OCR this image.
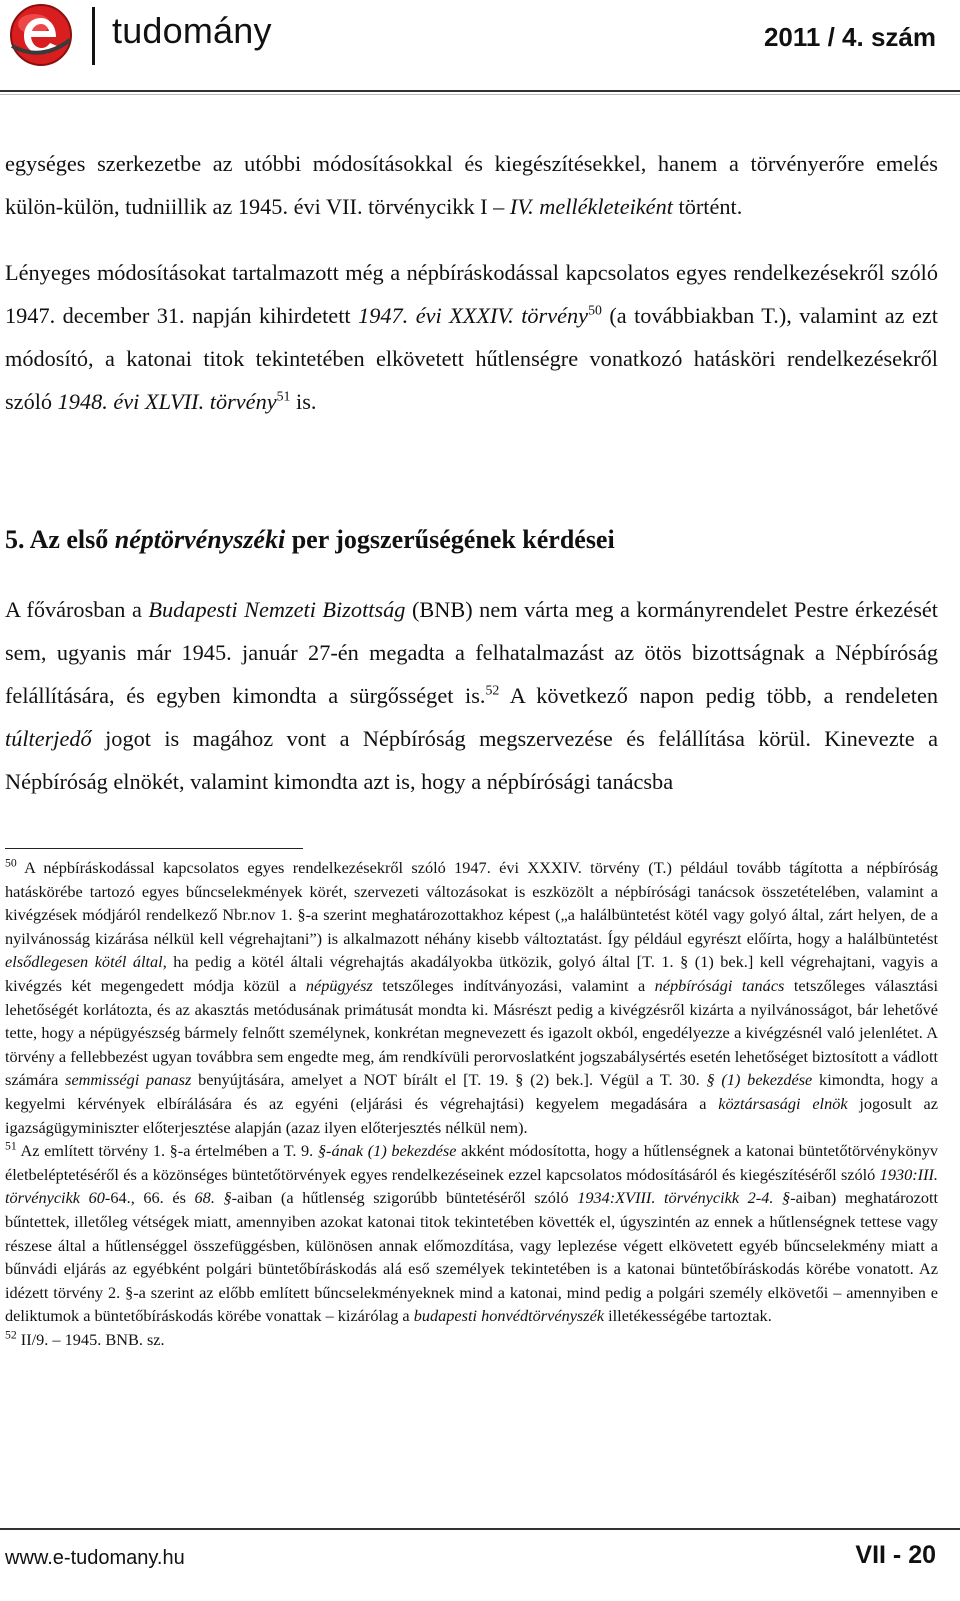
tudomány	2011 / 4. szám

egységes szerkezetbe az utóbbi módosításokkal és kiegészítésekkel, hanem a törvényerőre emelés külön-külön, tudniillik az 1945. évi VII. törvénycikk I – IV. mellékleteiként történt.

Lényeges módosításokat tartalmazott még a népbíráskodással kapcsolatos egyes rendelkezésekről szóló 1947. december 31. napján kihirdetett 1947. évi XXXIV. törvény$^{50}$ (a továbbiakban T.), valamint az ezt módosító, a katonai titok tekintetében elkövetett hűtlenségre vonatkozó hatásköri rendelkezésekről szóló 1948. évi XLVII. törvény$^{51}$ is.

5. Az első néptörvényszéki per jogszerűségének kérdései

A fővárosban a Budapesti Nemzeti Bizottság (BNB) nem várta meg a kormányrendelet Pestre érkezését sem, ugyanis már 1945. január 27-én megadta a felhatalmazást az ötös bizottságnak a Népbíróság felállítására, és egyben kimondta a sürgősséget is.$^{52}$ A következő napon pedig több, a rendeleten túlterjedő jogot is magához vont a Népbíróság megszervezése és felállítása körül. Kinevezte a Népbíróság elnökét, valamint kimondta azt is, hogy a népbírósági tanácsba

$^{50}$ A népbíráskodással kapcsolatos egyes rendelkezésekről szóló 1947. évi XXXIV. törvény (T.) például tovább tágította a népbíróság hatáskörébe tartozó egyes bűncselekmények körét, szervezeti változásokat is eszközölt a népbírósági tanácsok összetételében, valamint a kivégzések módjáról rendelkező Nbr.nov 1. §-a szerint meghatározottakhoz képest („a halálbüntetést kötél vagy golyó által, zárt helyen, de a nyilvánosság kizárása nélkül kell végrehajtani”) is alkalmazott néhány kisebb változtatást. Így például egyrészt előírta, hogy a halálbüntetést elsődlegesen kötél által, ha pedig a kötél általi végrehajtás akadályokba ütközik, golyó által [T. 1. § (1) bek.] kell végrehajtani, vagyis a kivégzés két megengedett módja közül a népügyész tetszőleges indítványozási, valamint a népbírósági tanács tetszőleges választási lehetőségét korlátozta, és az akasztás metódusának primátusát mondta ki. Másrészt pedig a kivégzésről kizárta a nyilvánosságot, bár lehetővé tette, hogy a népügyészség bármely felnőtt személynek, konkrétan megnevezett és igazolt okból, engedélyezze a kivégzésnél való jelenlétet. A törvény a fellebbezést ugyan továbbra sem engedte meg, ám rendkívüli perorvoslatként jogszabálysértés esetén lehetőséget biztosított a vádlott számára semmisségi panasz benyújtására, amelyet a NOT bírált el [T. 19. § (2) bek.]. Végül a T. 30. § (1) bekezdése kimondta, hogy a kegyelmi kérvények elbírálására és az egyéni (eljárási és végrehajtási) kegyelem megadására a köztársasági elnök jogosult az igazságügyminiszter előterjesztése alapján (azaz ilyen előterjesztés nélkül nem).

$^{51}$ Az említett törvény 1. §-a értelmében a T. 9. §-ának (1) bekezdése akként módosította, hogy a hűtlenségnek a katonai büntetőtörvénykönyv életbeléptetéséről és a közönséges büntetőtörvények egyes rendelkezéseinek ezzel kapcsolatos módosításáról és kiegészítéséről szóló 1930:III. törvénycikk 60-64., 66. és 68. §-aiban (a hűtlenség szigorúbb büntetéséről szóló 1934:XVIII. törvénycikk 2-4. §-aiban) meghatározott bűntettek, illetőleg vétségek miatt, amennyiben azokat katonai titok tekintetében követték el, úgyszintén az ennek a hűtlenségnek tettese vagy részese által a hűtlenséggel összefüggésben, különösen annak előmozdítása, vagy leplezése végett elkövetett egyéb bűncselekmény miatt a bűnvádi eljárás az egyébként polgári büntetőbíráskodás alá eső személyek tekintetében is a katonai büntetőbíráskodás körébe vonatott. Az idézett törvény 2. §-a szerint az előbb említett bűncselekményeknek mind a katonai, mind pedig a polgári személy elkövetői – amennyiben e deliktumok a büntetőbíráskodás körébe vonattak – kizárólag a budapesti honvédtörvényszék illetékességébe tartoztak.

$^{52}$ II/9. – 1945. BNB. sz.

www.e-tudomany.hu	VII - 20
